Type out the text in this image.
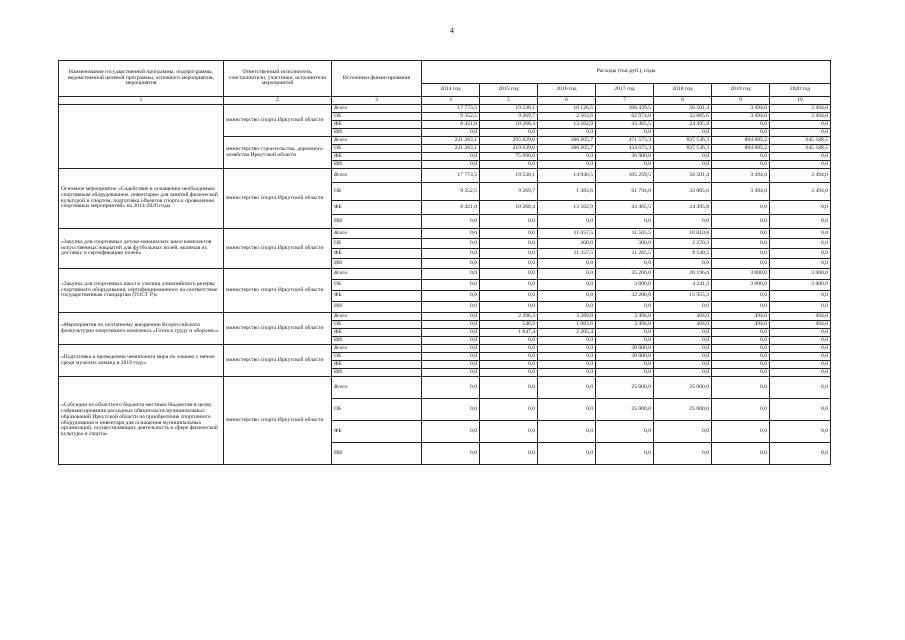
4
Наименование государственной программы, подпрограммы, ведомственной целевой программы, основного мероприятия, мероприятия	Ответственный исполнитель, соисполнители, участники, исполнители мероприятий	Источники финансирования	Расходы (тыс.руб.), годы						
			2014 год	2015 год	2016 год	2017 год	2018 год	2019 год	2020 год
1	2	3	4	5	6	7	8	9	10
	министерство спорта Иркутской области	Всего	17 773,5	19 538,1	16 126,5	106 439,5	56 501,4	3 494,0	3 494,0
		ОБ	9 352,5	9 269,7	2 563,6	62 974,0	32 005,6	3 494,0	3 494,0
		ФБ	8 421,0	10 268,4	13 562,9	43 465,5	24 495,8	0,0	0,0
		ИИ	0,0	0,0	0,0	0,0	0,0	0,0	0,0
	министерство строительства, дорожного хозяйства Иркутской области	Всего	241 263,1	295 629,0	186 205,7	471 573,3	837 536,3	894 885,2	645 188,5
		ОБ	241 263,1	219 639,0	186 205,7	434 673,3	837 536,3	894 885,2	645 188,5
		ФБ	0,0	75 990,0	0,0	36 900,0	0,0	0,0	0,0
		ИИ	0,0	0,0	0,0	0,0	0,0	0,0	0,0
Основное мероприятие «Содействие в оснащении необходимым спортивным оборудованием, инвентарем для занятий физической культурой и спортом, подготовка объектов спорта к проведению спортивных мероприятий» на 2014-2020 годы	министерство спорта Иркутской области	Всего	17 773,5	19 538,1	14 946,5	105 259,5	56 501,4	3 494,0	3 494,0
		ОБ	9 352,5	9 269,7	1 383,6	61 794,0	32 005,6	3 494,0	3 494,0
		ФБ	8 421,0	10 268,4	13 562,9	43 465,5	24 495,8	0,0	0,0
		ИИ	0,0	0,0	0,0	0,0	0,0	0,0	0,0
«Закупка для спортивных детско-юношеских школ комплектов искусственных покрытий для футбольных полей, включая их доставку и сертификацию полей»	министерство спорта Иркутской области	Всего	0,0	0,0	11 657,5	11 565,5	10 810,8	0,0	0,0
		ОБ	0,0	0,0	300,0	300,0	2 270,3	0,0	0,0
		ФБ	0,0	0,0	11 357,5	11 265,5	8 540,5	0,0	0,0
		ИИ	0,0	0,0	0,0	0,0	0,0	0,0	0,0
«Закупка для спортивных школ и училищ олимпийского резерва спортивного оборудования, сертифицированного на соответствие государственным стандартам (ГОСТ Р)»	министерство спорта Иркутской области	Всего	0,0	0,0	0,0	35 200,0	20 196,6	3 000,0	3 000,0
		ОБ	0,0	0,0	0,0	3 000,0	4 241,3	3 000,0	3 000,0
		ФБ	0,0	0,0	0,0	32 200,0	15 955,3	0,0	0,0
		ИИ	0,0	0,0	0,0	0,0	0,0	0,0	0,0
«Мероприятия по поэтапному внедрению Всероссийского физкультурно-спортивного комплекса «Готов к труду и обороне»»	министерство спорта Иркутской области	Всего	0,0	2 396,3	3 289,0	3 494,0	494,0	494,0	494,0
		ОБ	0,0	548,9	1 083,6	3 494,0	494,0	494,0	494,0
		ФБ	0,0	1 847,4	2 205,4	0,0	0,0	0,0	0,0
		ИИ	0,0	0,0	0,0	0,0	0,0	0,0	0,0
«Подготовка к проведению чемпионата мира по хоккею с мячом среди мужских команд в 2019 году»	министерство спорта Иркутской области	Всего	0,0	0,0	0,0	30 000,0	0,0	0,0	0,0
		ОБ	0,0	0,0	0,0	30 000,0	0,0	0,0	0,0
		ФБ	0,0	0,0	0,0	0,0	0,0	0,0	0,0
		ИИ	0,0	0,0	0,0	0,0	0,0	0,0	0,0
«Субсидии из областного бюджета местным бюджетам в целях софинансирования расходных обязательств муниципальных образований Иркутской области на приобретение спортивного оборудования и инвентаря для оснащения муниципальных организаций, осуществляющих деятельность в сфере физической культуры и спорта»	министерство спорта Иркутской области	Всего	0,0	0,0	0,0	25 000,0	25 000,0	0,0	0,0
		ОБ	0,0	0,0	0,0	25 000,0	25 000,0	0,0	0,0
		ФБ	0,0	0,0	0,0	0,0	0,0	0,0	0,0
		ИИ	0,0	0,0	0,0	0,0	0,0	0,0	0,0
